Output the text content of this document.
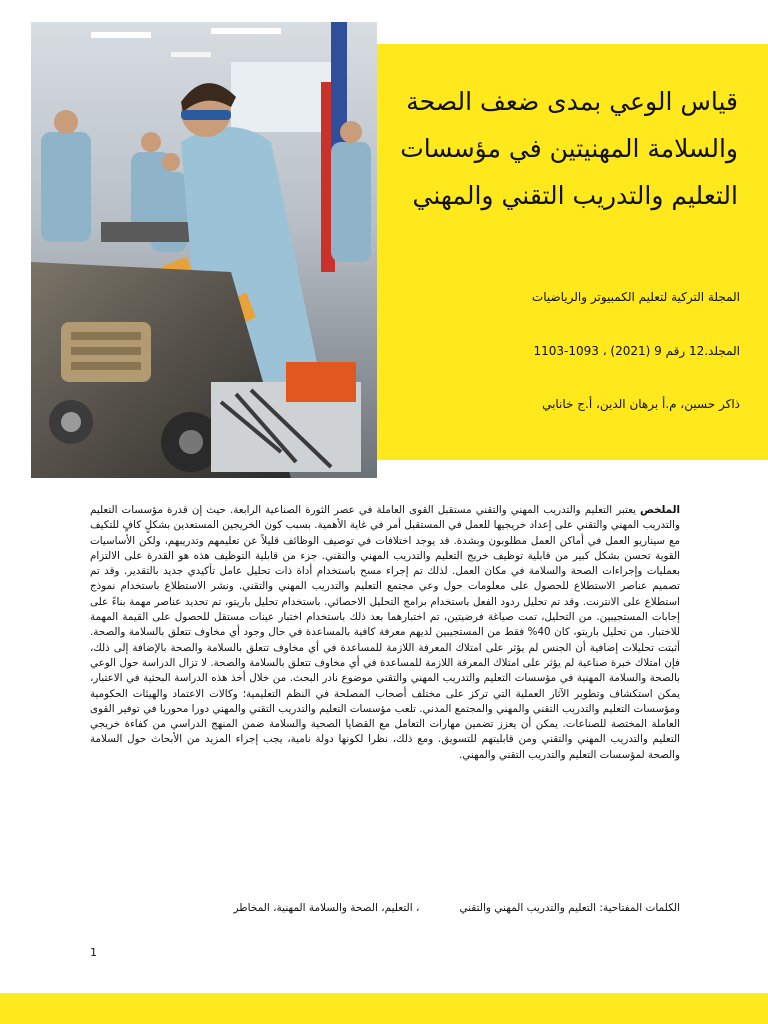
قياس الوعي بمدى ضعف الصحة والسلامة المهنيتين في مؤسسات التعليم والتدريب التقني والمهني
المجلة التركية لتعليم الكمبيوتر والرياضيات
المجلد.12 رقم 9 (2021) ، 1093-1103
ذاكر حسين، م.أ برهان الدين، أ.ج خانابي

الملخص يعتبر التعليم والتدريب المهني والتقني مستقبل القوى العاملة في عصر الثورة الصناعية الرابعة. حيث إن قدرة مؤسسات التعليم والتدريب المهني والتقني على إعداد خريجيها للعمل في المستقبل أمر في غاية الأهمية. بسبب كون الخريجين المستعدين بشكلٍ كافٍ للتكيف مع سيناريو العمل في أماكن العمل مطلوبون وبشدة. قد يوجد اختلافات في توصيف الوظائف قليلاً عن تعليمهم وتدريبهم، ولكن الأساسيات القوية تحسن بشكل كبير من قابلية توظيف خريج التعليم والتدريب المهني والتقني. جزء من قابلية التوظيف هذه هو القدرة على الالتزام بعمليات وإجراءات الصحة والسلامة في مكان العمل. لذلك تم إجراء مسح باستخدام أداة ذات تحليل عامل تأكيدي جديد بالتقدير. وقد تم تصميم عناصر الاستطلاع للحصول على معلومات حول وعي مجتمع التعليم والتدريب المهني والتقني. ونشر الاستطلاع باستخدام نموذج استطلاع على الانترنت. وقد تم تحليل ردود الفعل باستخدام برامج التحليل الاحصائي. باستخدام تحليل باريتو، تم تحديد عناصر مهمة بناءً على إجابات المستجيبين. من التحليل، تمت صياغة فرضيتين، تم اختبارهما بعد ذلك باستخدام اختبار عينات مستقل للحصول على القيمة المهمة للاختبار. من تحليل باريتو، كان 40% فقط من المستجيبين لديهم معرفة كافية بالمساعدة في حال وجود أي مخاوف تتعلق بالسلامة والصحة. أثبتت تحليلات إضافية أن الجنس لم يؤثر على امتلاك المعرفة اللازمة للمساعدة في أي مخاوف تتعلق بالسلامة والصحة بالإضافة إلى ذلك، فإن امتلاك خبرة صناعية لم يؤثر على امتلاك المعرفة اللازمة للمساعدة في أي مخاوف تتعلق بالسلامة والصحة. لا تزال الدراسة حول الوعي بالصحة والسلامة المهنية في مؤسسات التعليم والتدريب المهني والتقني موضوع نادر البحث. من خلال أخذ هذه الدراسة البحثية في الاعتبار، يمكن استكشاف وتطوير الآثار العملية التي تركز على مختلف أصحاب المصلحة في النظم التعليمية؛ وكالات الاعتماد والهيئات الحكومية ومؤسسات التعليم والتدريب التقني والمهني والمجتمع المدني. تلعب مؤسسات التعليم والتدريب التقني والمهني دورا محوريا في توفير القوى العاملة المختصة للصناعات. يمكن أن يعزز تضمين مهارات التعامل مع القضايا الصحية والسلامة ضمن المنهج الدراسي من كفاءة خريجي التعليم والتدريب المهني والتقني ومن قابليتهم للتسويق. ومع ذلك، نظرا لكونها دولة نامية، يجب إجراء المزيد من الأبحاث حول السلامة والصحة لمؤسسات التعليم والتدريب التقني والمهني.

الكلمات المفتاحية: التعليم والتدريب المهني والتقني            ، التعليم، الصحة والسلامة المهنية، المخاطر
1
